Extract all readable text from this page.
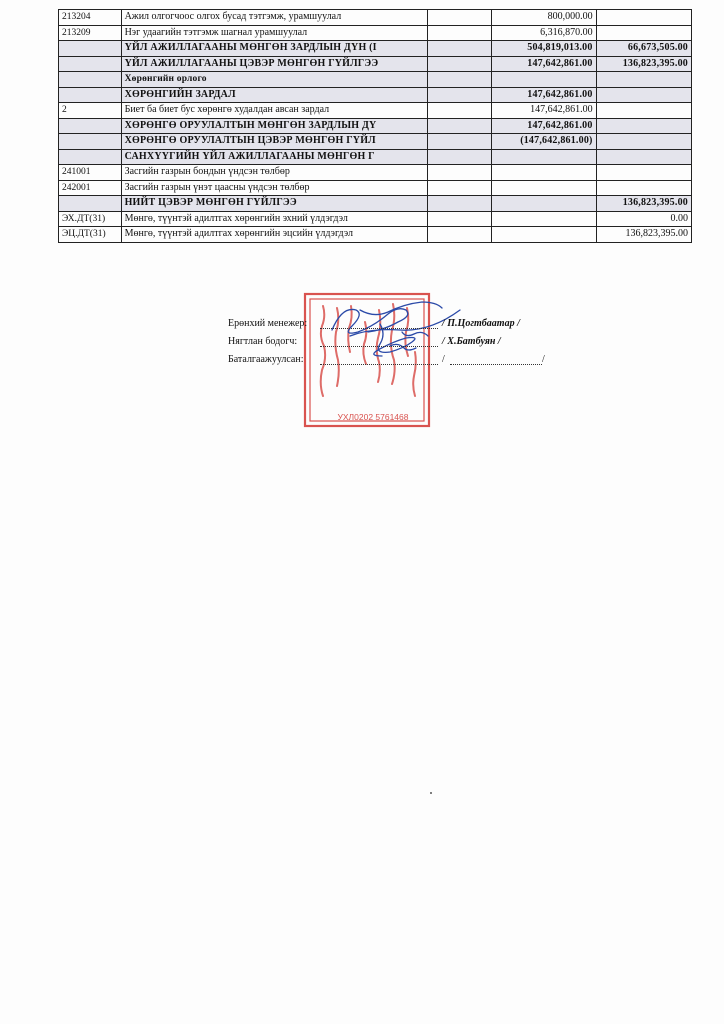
213204	Ажил олгогчоос олгох бусад тэтгэмж, урамшуулал		800,000.00	
213209	Нэг удаагийн тэтгэмж шагнал урамшуулал		6,316,870.00	
	ҮЙЛ АЖИЛЛАГААНЫ МӨНГӨН ЗАРДЛЫН ДҮН (I		504,819,013.00	66,673,505.00
	ҮЙЛ АЖИЛЛАГААНЫ ЦЭВЭР МӨНГӨН ГҮЙЛГЭЭ		147,642,861.00	136,823,395.00
	Хөрөнгийн орлого			
	ХӨРӨНГИЙН ЗАРДАЛ		147,642,861.00	
2	Биет ба биет бус хөрөнгө худалдан авсан зардал		147,642,861.00	
	ХӨРӨНГӨ ОРУУЛАЛТЫН МӨНГӨН ЗАРДЛЫН ДҮ		147,642,861.00	
	ХӨРӨНГӨ ОРУУЛАЛТЫН ЦЭВЭР МӨНГӨН ГҮЙЛ		(147,642,861.00)	
	САНХҮҮГИЙН ҮЙЛ АЖИЛЛАГААНЫ МӨНГӨН Г			
241001	Засгийн газрын бондын үндсэн төлбөр			
242001	Засгийн газрын үнэт цаасны үндсэн төлбөр			
	НИЙТ ЦЭВЭР МӨНГӨН ГҮЙЛГЭЭ			136,823,395.00
ЭХ.ДТ(31)	Мөнгө, түүнтэй адилтгах хөрөнгийн эхний үлдэгдэл			0.00
ЭЦ.ДТ(31)	Мөнгө, түүнтэй адилтгах хөрөнгийн эцсийн үлдэгдэл			136,823,395.00
УХЛ0202 5761468
Ерөнхий менежер:	/ П.Цогтбаатар /
Нягтлан бодогч:	/ Х.Батбуян /
Баталгаажуулсан:	/	/
